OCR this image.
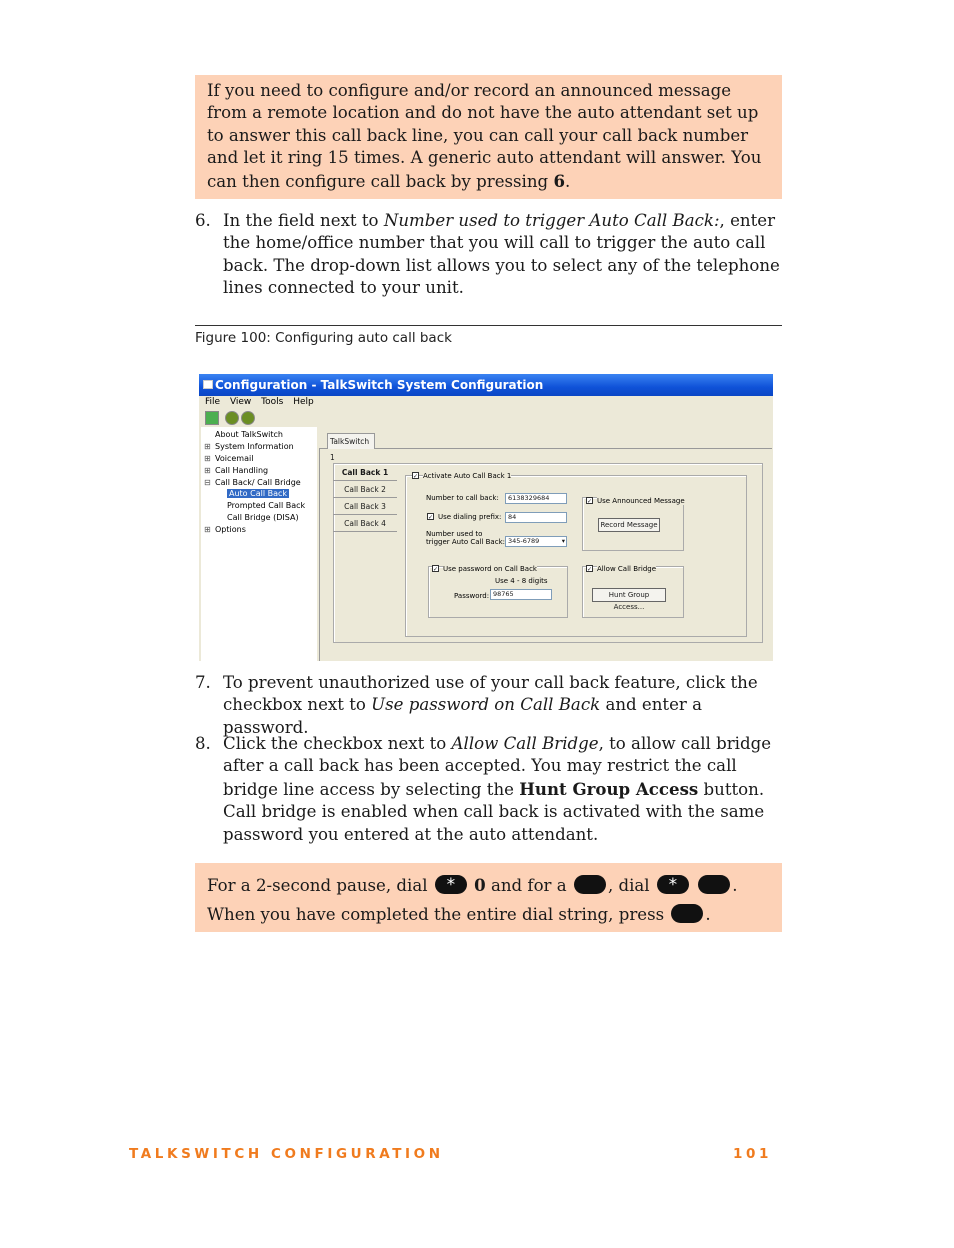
If you need to configure and/or record an announced message from a remote location and do not have the auto attendant set up to answer this call back line, you can call your call back number and let it ring 15 times. A generic auto attendant will answer. You can then configure call back by pressing 6.
6. In the field next to Number used to trigger Auto Call Back:, enter the home/office number that you will call to trigger the auto call back. The drop-down list allows you to select any of the telephone lines connected to your unit.
Figure 100: Configuring auto call back
Configuration - TalkSwitch System Configuration
File View Tools Help
About TalkSwitch
⊞ System Information
⊞ Voicemail
⊞ Call Handling
⊟ Call Back/ Call Bridge
Auto Call Back
Prompted Call Back
Call Bridge (DISA)
⊞ Options
TalkSwitch 1
Call Back 1
Call Back 2
Call Back 3
Call Back 4
✓ Activate Auto Call Back 1
Number to call back:	6138329684
✓ Use dialing prefix:	84
Number used to
trigger Auto Call Back: 345-6789	▾
✓ Use Announced Message
Record Message
✓ Use password on Call Back
Use 4 - 8 digits
Password: 98765
✓ Allow Call Bridge
Hunt Group Access...
7. To prevent unauthorized use of your call back feature, click the checkbox next to Use password on Call Back and enter a password.
8. Click the checkbox next to Allow Call Bridge, to allow call bridge after a call back has been accepted. You may restrict the call bridge line access by selecting the Hunt Group Access button. Call bridge is enabled when call back is activated with the same password you entered at the auto attendant.
For a 2-second pause, dial * 0 and for a , dial *	. When you have completed the entire dial string, press .
TALKSWITCH CONFIGURATION	101
